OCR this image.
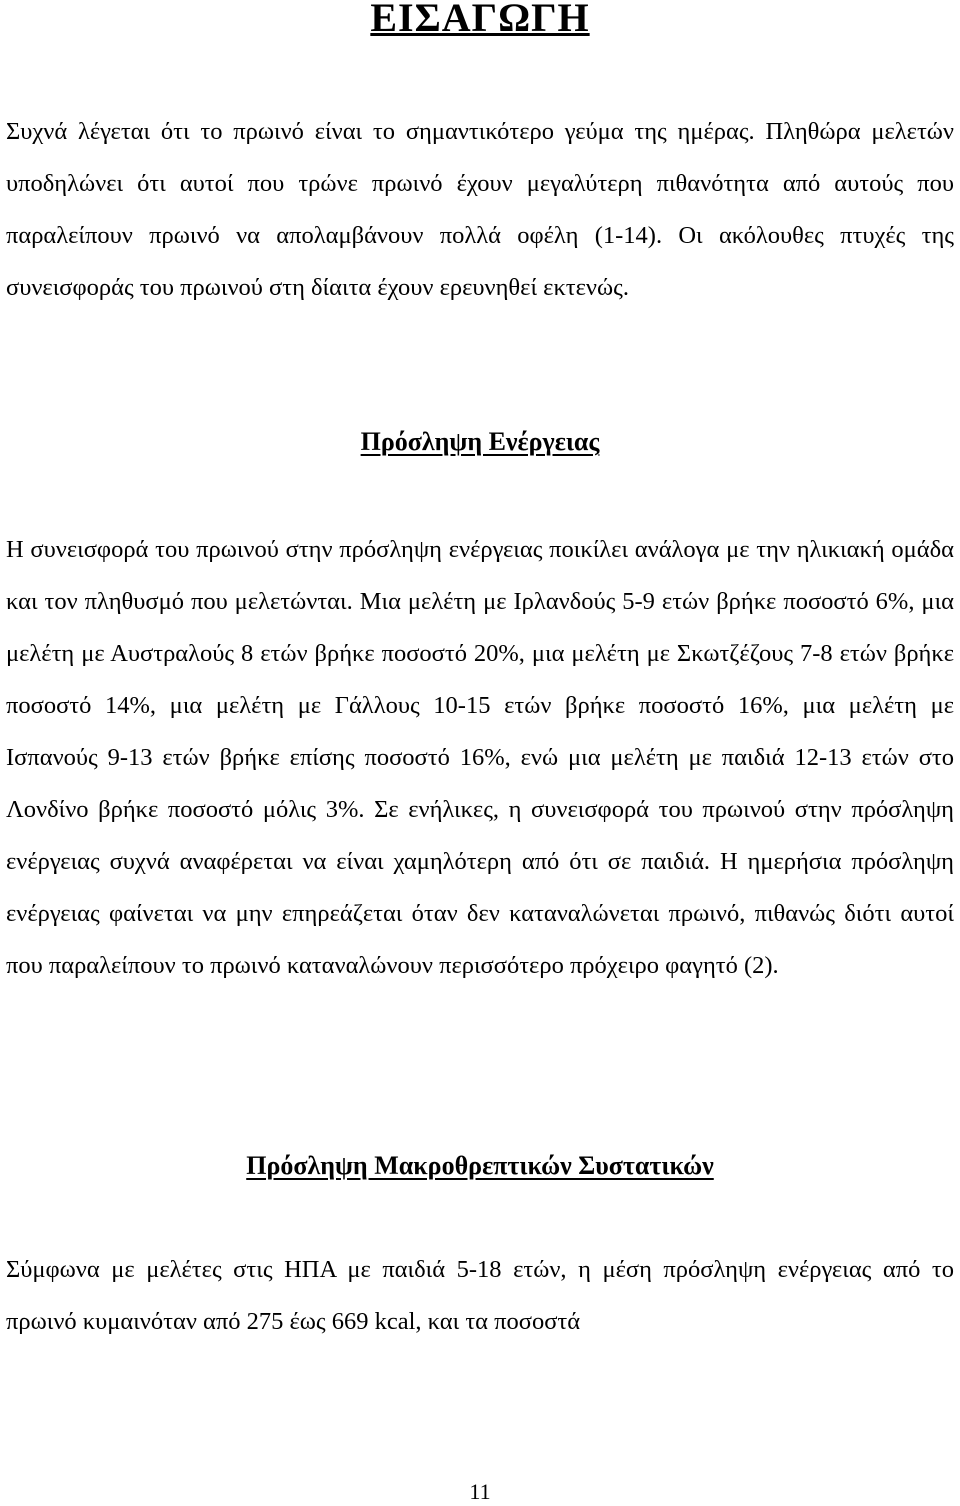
ΕΙΣΑΓΩΓΗ

Συχνά λέγεται ότι το πρωινό είναι το σημαντικότερο γεύμα της ημέρας. Πληθώρα μελετών υποδηλώνει ότι αυτοί που τρώνε πρωινό έχουν μεγαλύτερη πιθανότητα από αυτούς που παραλείπουν πρωινό να απολαμβάνουν πολλά οφέλη (1-14). Οι ακόλουθες πτυχές της συνεισφοράς του πρωινού στη δίαιτα έχουν ερευνηθεί εκτενώς.

Πρόσληψη Ενέργειας

Η συνεισφορά του πρωινού στην πρόσληψη ενέργειας ποικίλει ανάλογα με την ηλικιακή ομάδα και τον πληθυσμό που μελετώνται. Μια μελέτη με Ιρλανδούς 5-9 ετών βρήκε ποσοστό 6%, μια μελέτη με Αυστραλούς 8 ετών βρήκε ποσοστό 20%, μια μελέτη με Σκωτζέζους 7-8 ετών βρήκε ποσοστό 14%, μια μελέτη με Γάλλους 10-15 ετών βρήκε ποσοστό 16%, μια μελέτη με Ισπανούς 9-13 ετών βρήκε επίσης ποσοστό 16%, ενώ μια μελέτη με παιδιά 12-13 ετών στο Λονδίνο βρήκε ποσοστό μόλις 3%. Σε ενήλικες, η συνεισφορά του πρωινού στην πρόσληψη ενέργειας συχνά αναφέρεται να είναι χαμηλότερη από ότι σε παιδιά. Η ημερήσια πρόσληψη ενέργειας φαίνεται να μην επηρεάζεται όταν δεν καταναλώνεται πρωινό, πιθανώς διότι αυτοί που παραλείπουν το πρωινό καταναλώνουν περισσότερο πρόχειρο φαγητό (2).

Πρόσληψη Μακροθρεπτικών Συστατικών

Σύμφωνα με μελέτες στις ΗΠΑ με παιδιά 5-18 ετών, η μέση πρόσληψη ενέργειας από το πρωινό κυμαινόταν από 275 έως 669 kcal, και τα ποσοστά

11
